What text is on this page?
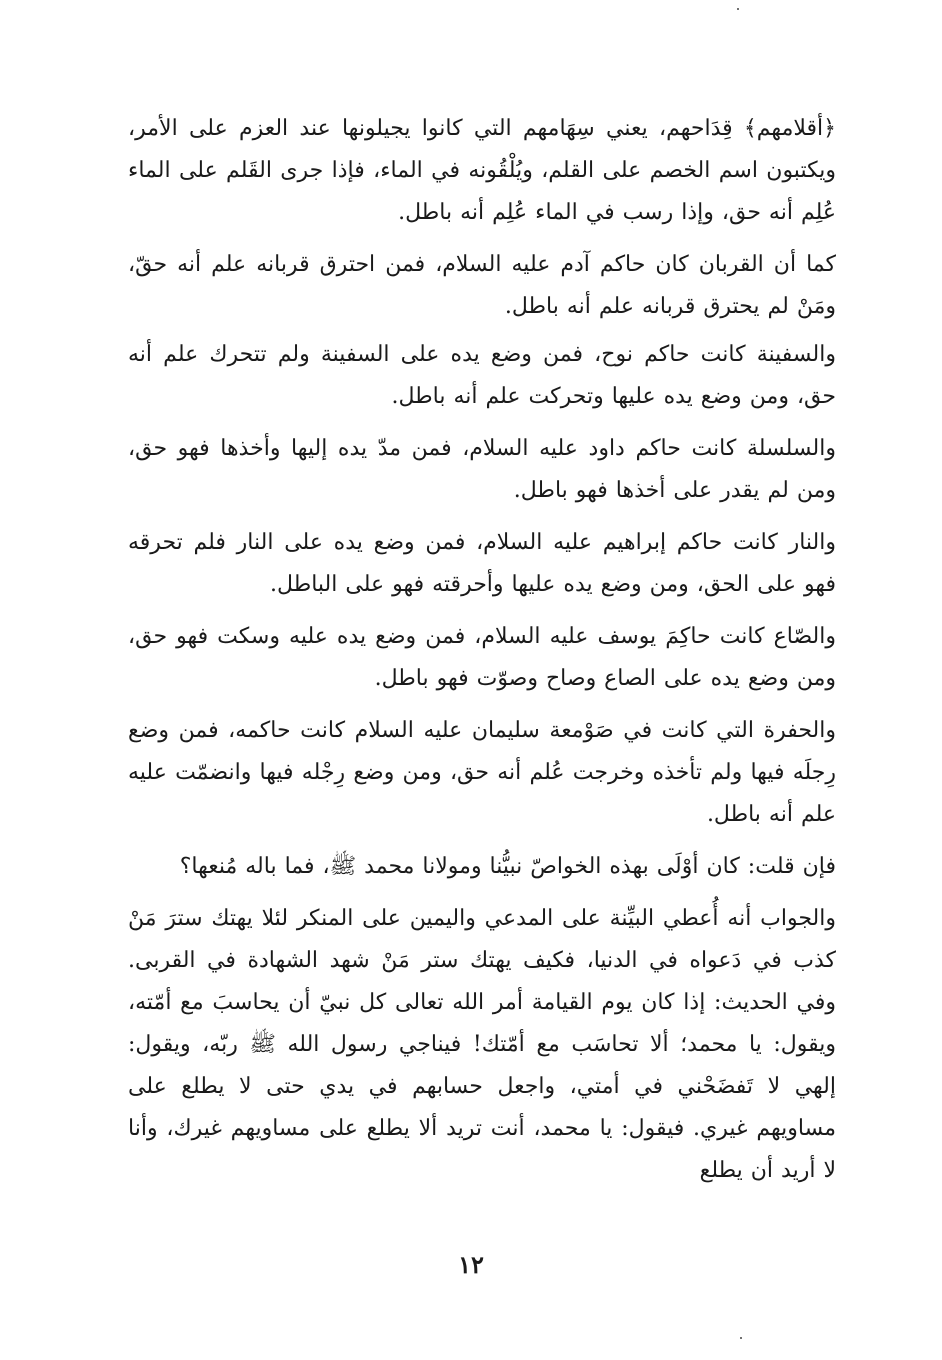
﴿أقلامهم﴾ قِدَاحهم، يعني سِهَامهم التي كانوا يجيلونها عند العزم على الأمر، ويكتبون اسم الخصم على القلم، ويُلْقُونه في الماء، فإذا جرى القَلم على الماء عُلِم أنه حق، وإذا رسب في الماء عُلِم أنه باطل.

كما أن القربان كان حاكم آدم عليه السلام، فمن احترق قربانه علم أنه حقّ، ومَنْ لم يحترق قربانه علم أنه باطل.

والسفينة كانت حاكم نوح، فمن وضع يده على السفينة ولم تتحرك علم أنه حق، ومن وضع يده عليها وتحركت علم أنه باطل.

والسلسلة كانت حاكم داود عليه السلام، فمن مدّ يده إليها وأخذها فهو حق، ومن لم يقدر على أخذها فهو باطل.

والنار كانت حاكم إبراهيم عليه السلام، فمن وضع يده على النار فلم تحرقه فهو على الحق، ومن وضع يده عليها وأحرقته فهو على الباطل.

والصّاع كانت حاكِمَ يوسف عليه السلام، فمن وضع يده عليه وسكت فهو حق، ومن وضع يده على الصاع وصاح وصوّت فهو باطل.

والحفرة التي كانت في صَوْمعة سليمان عليه السلام كانت حاكمه، فمن وضع رِجلَه فيها ولم تأخذه وخرجت عُلم أنه حق، ومن وضع رِجْله فيها وانضمّت عليه علم أنه باطل.

فإن قلت: كان أوْلَى بهذه الخواصّ نبيُّنا ومولانا محمد ﷺ، فما باله مُنعها؟

والجواب أنه أُعطي البيِّنة على المدعي واليمين على المنكر لئلا يهتك سترَ مَنْ كذب في دَعواه في الدنيا، فكيف يهتك ستر مَنْ شهد الشهادة في القربى. وفي الحديث: إذا كان يوم القيامة أمر الله تعالى كل نبيّ أن يحاسبَ مع أمّته، ويقول: يا محمد؛ ألا تحاسَب مع أمّتك! فيناجي رسول الله ﷺ ربّه، ويقول: إلهي لا تَفضَحْني في أمتي، واجعل حسابهم في يدي حتى لا يطلع على مساويهم غيري. فيقول: يا محمد، أنت تريد ألا يطلع على مساويهم غيرك، وأنا لا أريد أن يطلع

١٢
